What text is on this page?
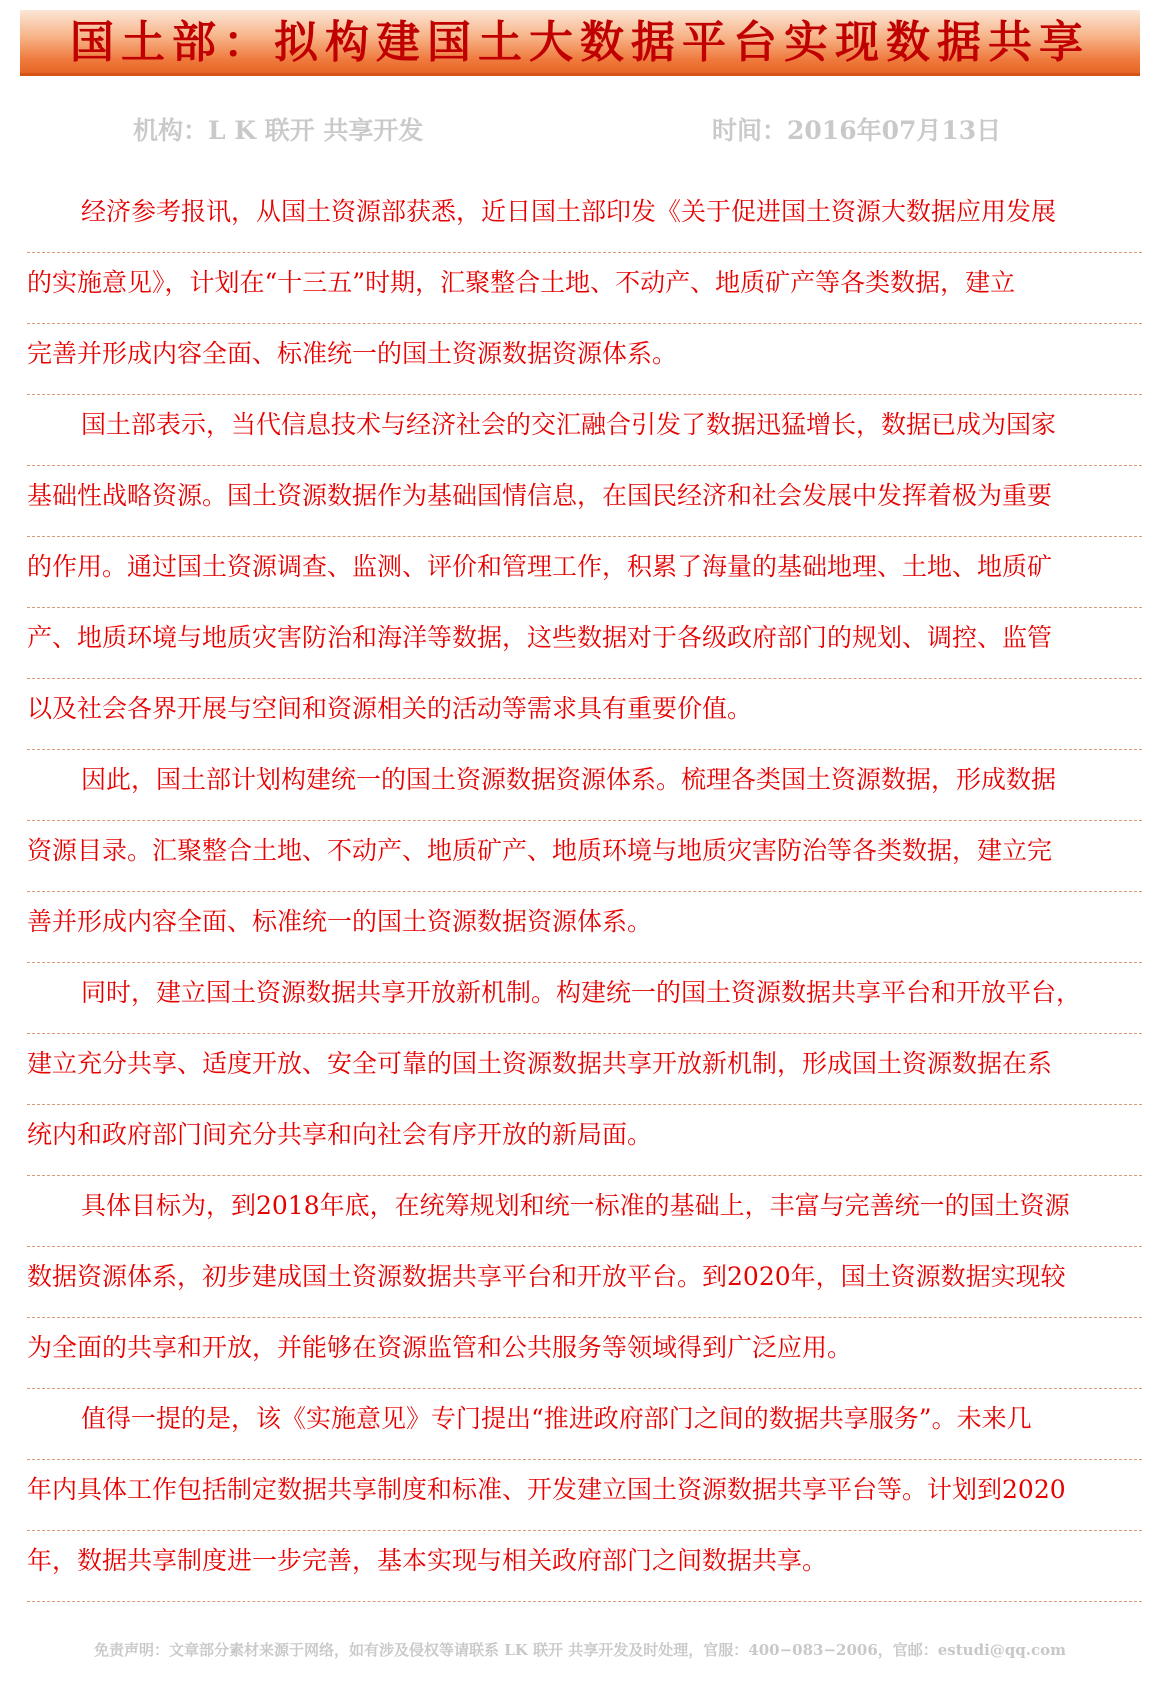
国土部：拟构建国土大数据平台实现数据共享
机构：L K 联开 共享开发	时间：2016年07月13日
经济参考报讯，从国土资源部获悉，近日国土部印发《关于促进国土资源大数据应用发展
的实施意见》，计划在“十三五”时期，汇聚整合土地、不动产、地质矿产等各类数据，建立
完善并形成内容全面、标准统一的国土资源数据资源体系。
国土部表示，当代信息技术与经济社会的交汇融合引发了数据迅猛增长，数据已成为国家
基础性战略资源。国土资源数据作为基础国情信息，在国民经济和社会发展中发挥着极为重要
的作用。通过国土资源调查、监测、评价和管理工作，积累了海量的基础地理、土地、地质矿
产、地质环境与地质灾害防治和海洋等数据，这些数据对于各级政府部门的规划、调控、监管
以及社会各界开展与空间和资源相关的活动等需求具有重要价值。
因此，国土部计划构建统一的国土资源数据资源体系。梳理各类国土资源数据，形成数据
资源目录。汇聚整合土地、不动产、地质矿产、地质环境与地质灾害防治等各类数据，建立完
善并形成内容全面、标准统一的国土资源数据资源体系。
同时，建立国土资源数据共享开放新机制。构建统一的国土资源数据共享平台和开放平台，
建立充分共享、适度开放、安全可靠的国土资源数据共享开放新机制，形成国土资源数据在系
统内和政府部门间充分共享和向社会有序开放的新局面。
具体目标为，到2018年底，在统筹规划和统一标准的基础上，丰富与完善统一的国土资源
数据资源体系，初步建成国土资源数据共享平台和开放平台。到2020年，国土资源数据实现较
为全面的共享和开放，并能够在资源监管和公共服务等领域得到广泛应用。
值得一提的是，该《实施意见》专门提出“推进政府部门之间的数据共享服务”。未来几
年内具体工作包括制定数据共享制度和标准、开发建立国土资源数据共享平台等。计划到2020
年，数据共享制度进一步完善，基本实现与相关政府部门之间数据共享。
免责声明：文章部分素材来源于网络，如有涉及侵权等请联系 LK 联开 共享开发及时处理，官服：400−083−2006，官邮：estudi@qq.com
